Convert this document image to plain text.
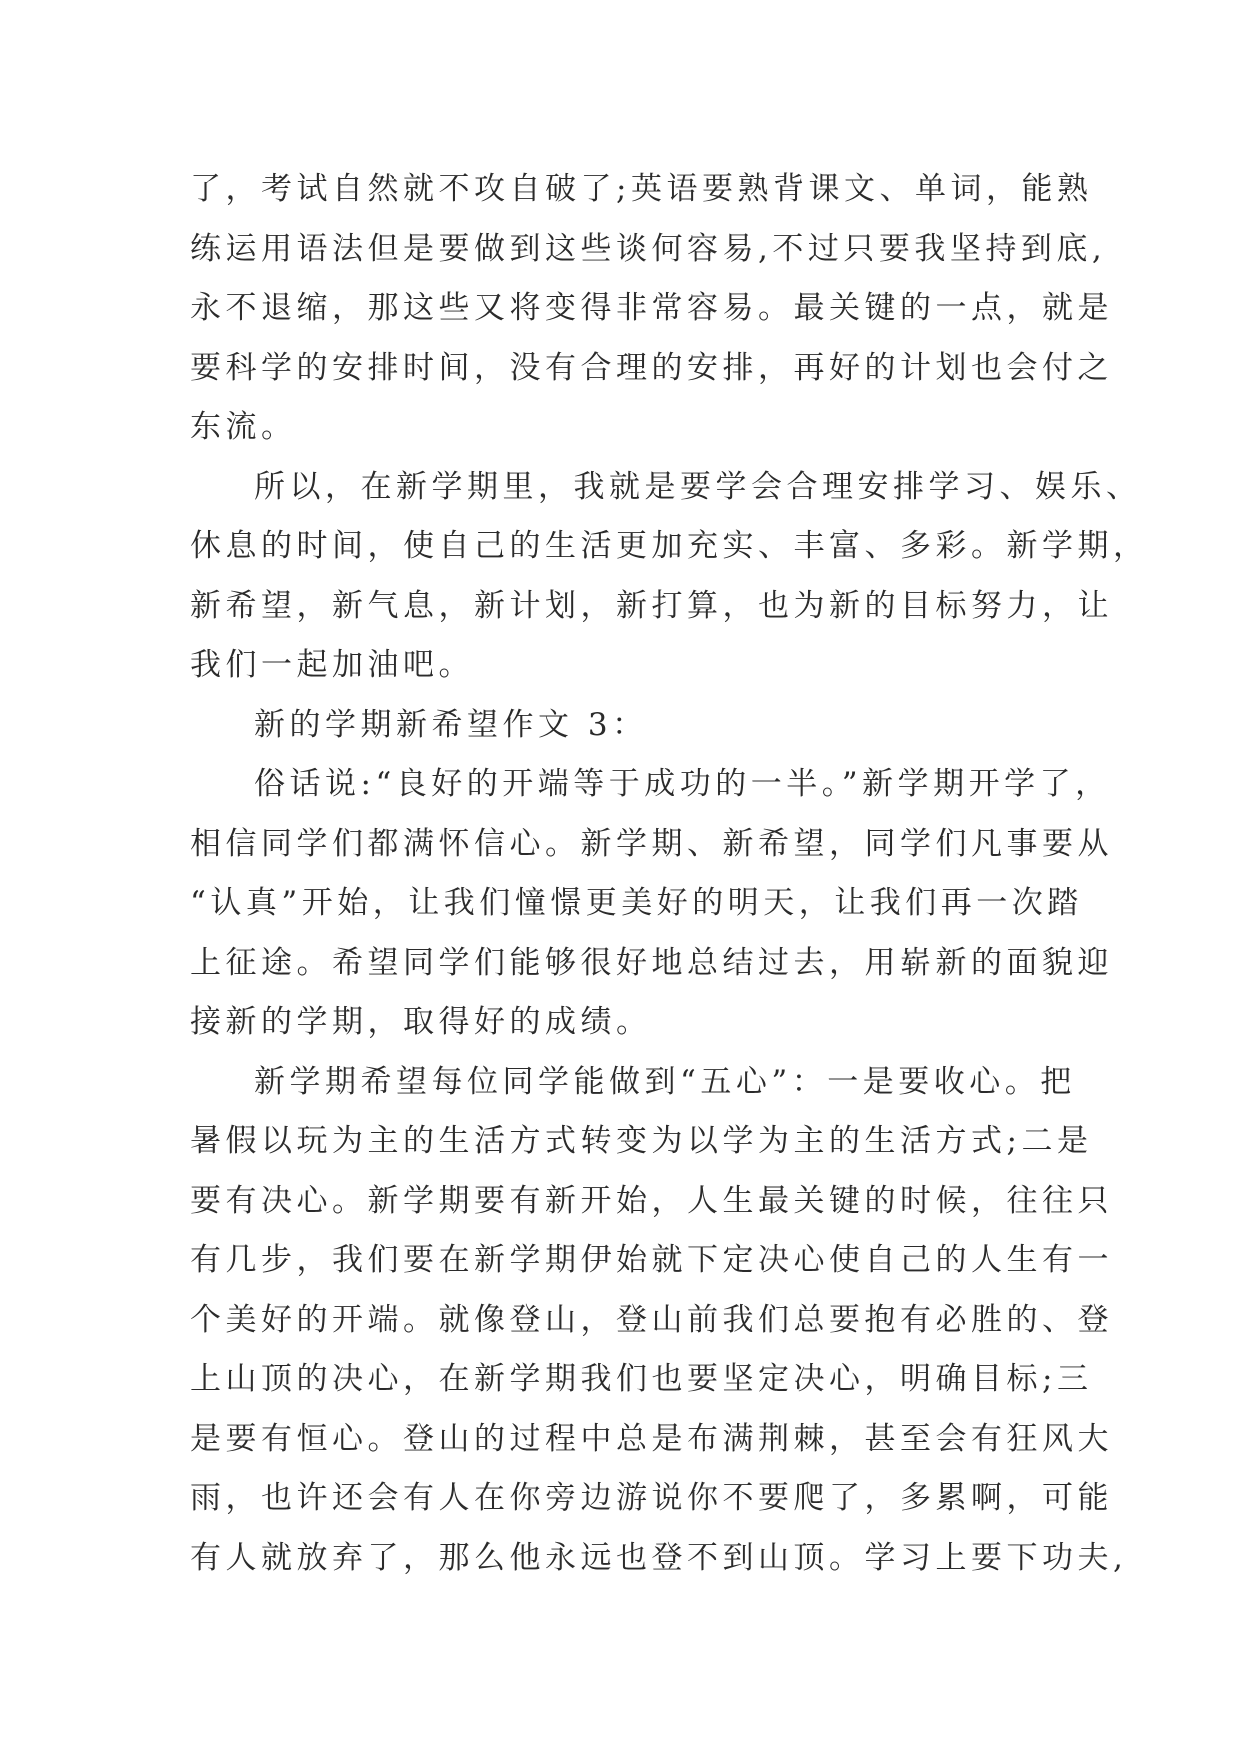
了，考试自然就不攻自破了;英语要熟背课文、单词，能熟
练运用语法但是要做到这些谈何容易,不过只要我坚持到底,
永不退缩，那这些又将变得非常容易。最关键的一点，就是
要科学的安排时间，没有合理的安排，再好的计划也会付之
东流。
所以，在新学期里，我就是要学会合理安排学习、娱乐、
休息的时间，使自己的生活更加充实、丰富、多彩。新学期，
新希望，新气息，新计划，新打算，也为新的目标努力，让
我们一起加油吧。
新的学期新希望作文 3：
俗话说:“良好的开端等于成功的一半。”新学期开学了，
相信同学们都满怀信心。新学期、新希望，同学们凡事要从
“认真”开始，让我们憧憬更美好的明天，让我们再一次踏
上征途。希望同学们能够很好地总结过去，用崭新的面貌迎
接新的学期，取得好的成绩。
新学期希望每位同学能做到“五心”：一是要收心。把
暑假以玩为主的生活方式转变为以学为主的生活方式;二是
要有决心。新学期要有新开始，人生最关键的时候，往往只
有几步，我们要在新学期伊始就下定决心使自己的人生有一
个美好的开端。就像登山，登山前我们总要抱有必胜的、登
上山顶的决心，在新学期我们也要坚定决心，明确目标;三
是要有恒心。登山的过程中总是布满荆棘，甚至会有狂风大
雨，也许还会有人在你旁边游说你不要爬了，多累啊，可能
有人就放弃了，那么他永远也登不到山顶。学习上要下功夫,
